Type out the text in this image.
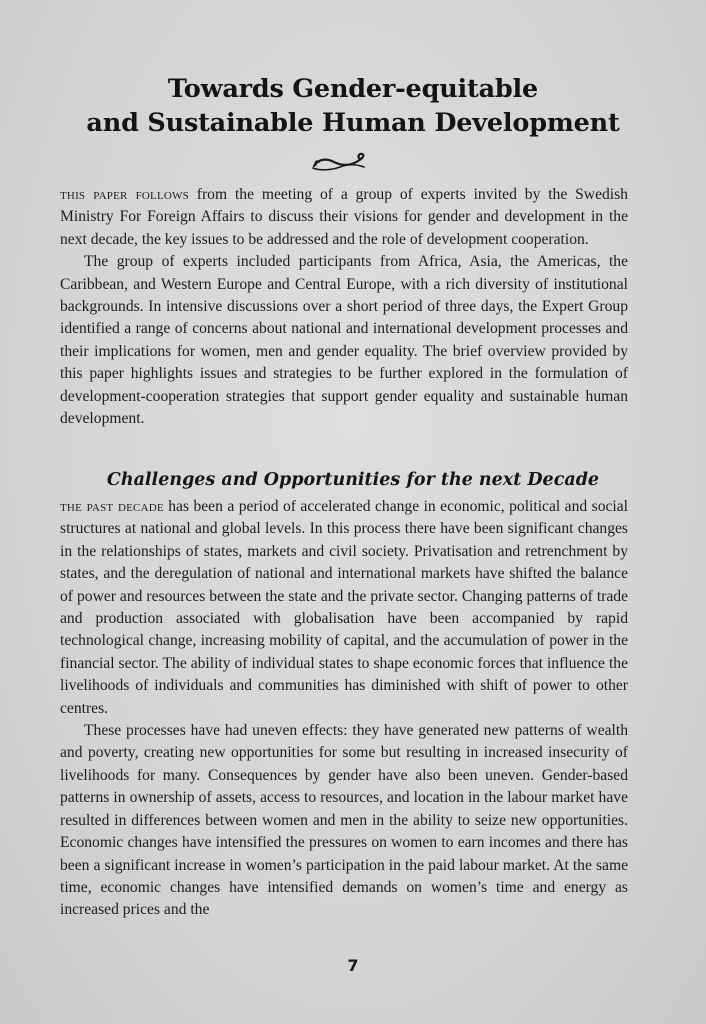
Towards Gender-equitable
and Sustainable Human Development

this paper follows from the meeting of a group of experts invited by the Swedish Ministry For Foreign Affairs to discuss their visions for gender and development in the next decade, the key issues to be addressed and the role of development cooperation.

The group of experts included participants from Africa, Asia, the Americas, the Caribbean, and Western Europe and Central Europe, with a rich diversity of institutional backgrounds. In intensive discussions over a short period of three days, the Expert Group identified a range of concerns about national and international development processes and their implications for women, men and gender equality. The brief overview provided by this paper highlights issues and strategies to be further explored in the formulation of development-cooperation strategies that support gender equality and sustainable human development.

Challenges and Opportunities for the next Decade

the past decade has been a period of accelerated change in economic, political and social structures at national and global levels. In this process there have been significant changes in the relationships of states, markets and civil society. Privatisation and retrenchment by states, and the deregulation of national and international markets have shifted the balance of power and resources between the state and the private sector. Changing patterns of trade and production associated with globalisation have been accompanied by rapid technological change, increasing mobility of capital, and the accumulation of power in the financial sector. The ability of individual states to shape economic forces that influence the livelihoods of individuals and communities has diminished with shift of power to other centres.

These processes have had uneven effects: they have generated new patterns of wealth and poverty, creating new opportunities for some but resulting in increased insecurity of livelihoods for many. Consequences by gender have also been uneven. Gender-based patterns in ownership of assets, access to resources, and location in the labour market have resulted in differences between women and men in the ability to seize new opportunities. Economic changes have intensified the pressures on women to earn incomes and there has been a significant increase in women’s participation in the paid labour market. At the same time, economic changes have intensified demands on women’s time and energy as increased prices and the

7
